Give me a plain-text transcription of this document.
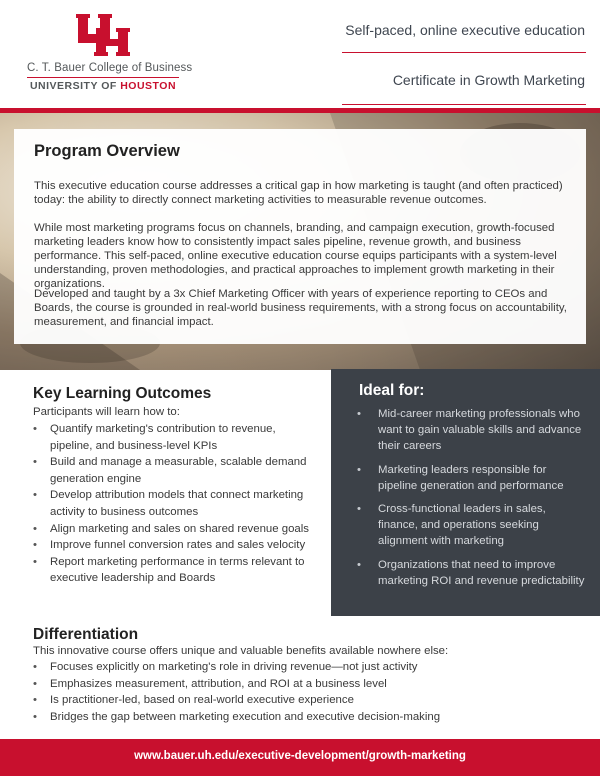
C. T. Bauer College of Business
UNIVERSITY OF HOUSTON
Self-paced, online executive education
Certificate in Growth Marketing
Program Overview

This executive education course addresses a critical gap in how marketing is taught (and often practiced) today: the ability to directly connect marketing activities to measurable revenue outcomes.

While most marketing programs focus on channels, branding, and campaign execution, growth-focused marketing leaders know how to consistently impact sales pipeline, revenue growth, and business performance. This self-paced, online executive education course equips participants with a system-level understanding, proven methodologies, and practical approaches to implement growth marketing in their organizations.

Developed and taught by a 3x Chief Marketing Officer with years of experience reporting to CEOs and Boards, the course is grounded in real-world business requirements, with a strong focus on accountability, measurement, and financial impact.

Key Learning Outcomes
Participants will learn how to:
• Quantify marketing's contribution to revenue, pipeline, and business-level KPIs
• Build and manage a measurable, scalable demand generation engine
• Develop attribution models that connect marketing activity to business outcomes
• Align marketing and sales on shared revenue goals
• Improve funnel conversion rates and sales velocity
• Report marketing performance in terms relevant to executive leadership and Boards
Ideal for:
• Mid-career marketing professionals who want to gain valuable skills and advance their careers
• Marketing leaders responsible for pipeline generation and performance
• Cross-functional leaders in sales, finance, and operations seeking alignment with marketing
• Organizations that need to improve marketing ROI and revenue predictability
Differentiation
This innovative course offers unique and valuable benefits available nowhere else:
• Focuses explicitly on marketing's role in driving revenue—not just activity
• Emphasizes measurement, attribution, and ROI at a business level
• Is practitioner-led, based on real-world executive experience
• Bridges the gap between marketing execution and executive decision-making
www.bauer.uh.edu/executive-development/growth-marketing
